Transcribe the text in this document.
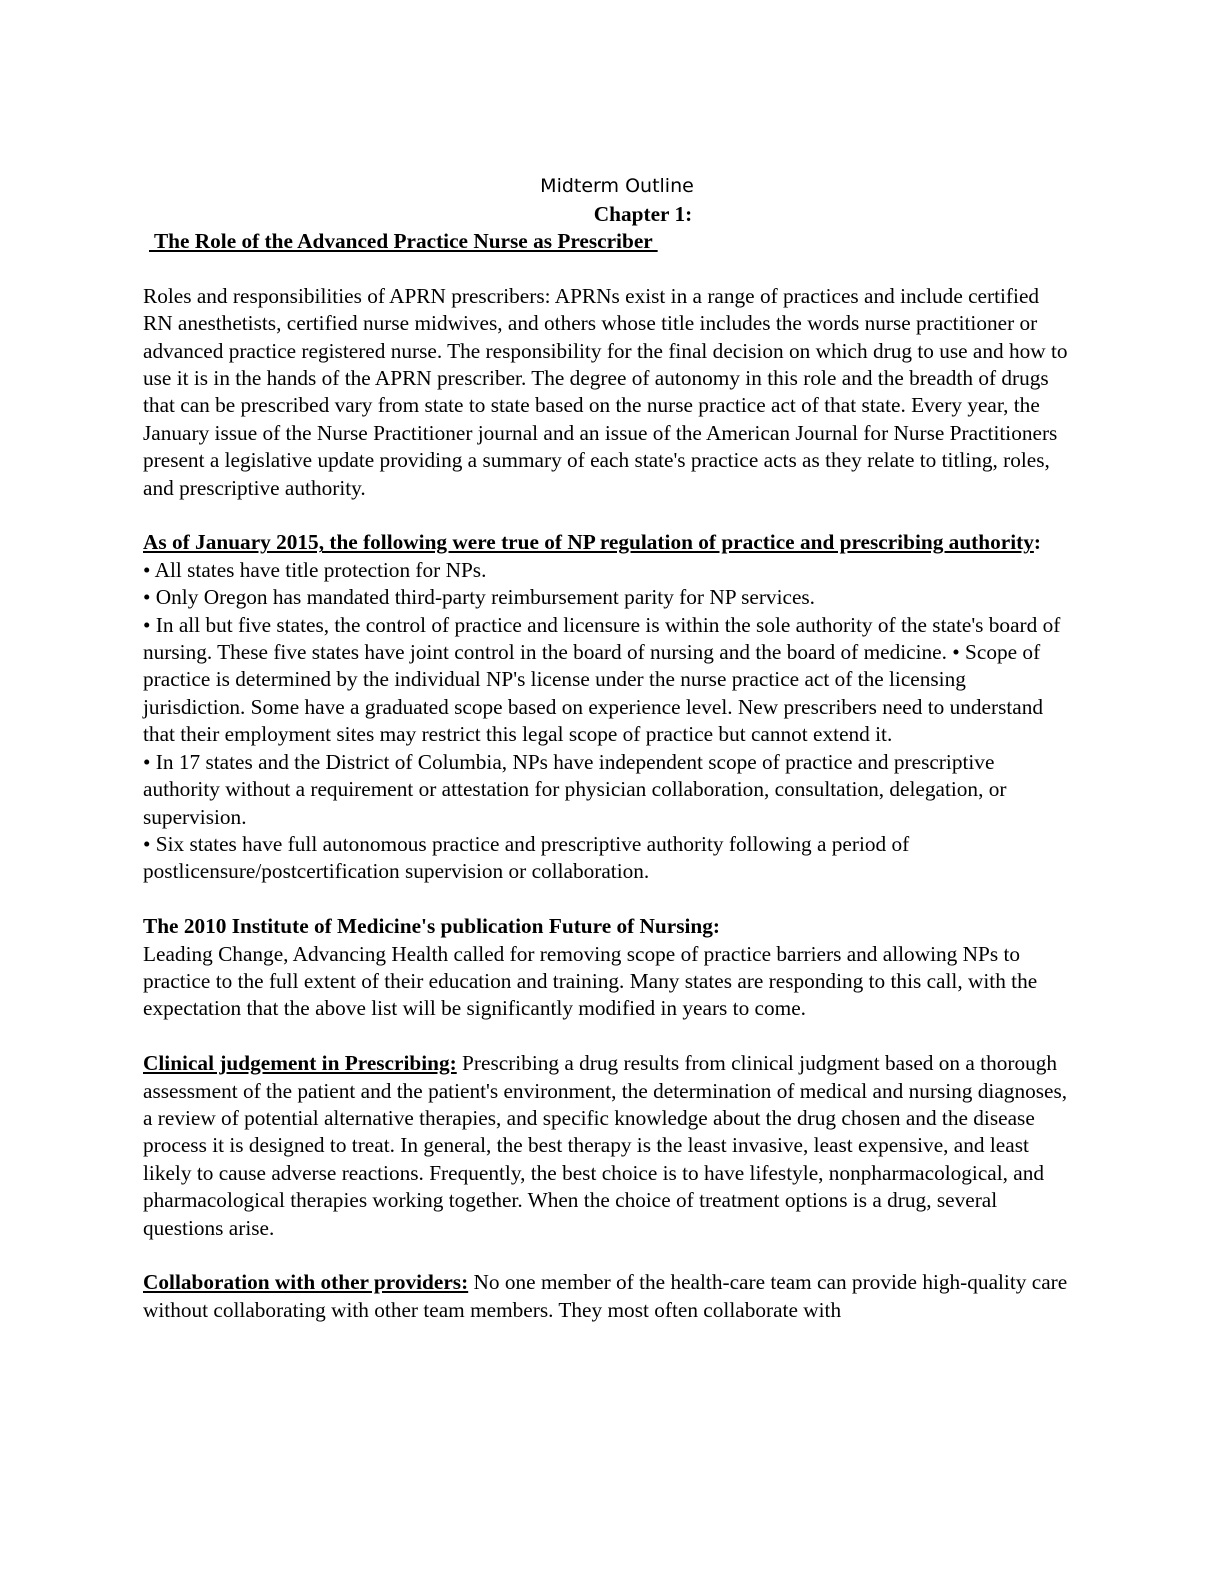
Midterm Outline

Chapter 1:

The Role of the Advanced Practice Nurse as Prescriber

Roles and responsibilities of APRN prescribers: APRNs exist in a range of practices and include certified RN anesthetists, certified nurse midwives, and others whose title includes the words nurse practitioner or advanced practice registered nurse. The responsibility for the final decision on which drug to use and how to use it is in the hands of the APRN prescriber. The degree of autonomy in this role and the breadth of drugs that can be prescribed vary from state to state based on the nurse practice act of that state. Every year, the January issue of the Nurse Practitioner journal and an issue of the American Journal for Nurse Practitioners present a legislative update providing a summary of each state's practice acts as they relate to titling, roles, and prescriptive authority.

As of January 2015, the following were true of NP regulation of practice and prescribing authority:

• All states have title protection for NPs.

• Only Oregon has mandated third-party reimbursement parity for NP services.

• In all but five states, the control of practice and licensure is within the sole authority of the state's board of nursing. These five states have joint control in the board of nursing and the board of medicine. • Scope of practice is determined by the individual NP's license under the nurse practice act of the licensing jurisdiction. Some have a graduated scope based on experience level. New prescribers need to understand that their employment sites may restrict this legal scope of practice but cannot extend it.

• In 17 states and the District of Columbia, NPs have independent scope of practice and prescriptive authority without a requirement or attestation for physician collaboration, consultation, delegation, or supervision.

• Six states have full autonomous practice and prescriptive authority following a period of postlicensure/postcertification supervision or collaboration.

The 2010 Institute of Medicine's publication Future of Nursing:

Leading Change, Advancing Health called for removing scope of practice barriers and allowing NPs to practice to the full extent of their education and training. Many states are responding to this call, with the expectation that the above list will be significantly modified in years to come.

Clinical judgement in Prescribing: Prescribing a drug results from clinical judgment based on a thorough assessment of the patient and the patient's environment, the determination of medical and nursing diagnoses, a review of potential alternative therapies, and specific knowledge about the drug chosen and the disease process it is designed to treat. In general, the best therapy is the least invasive, least expensive, and least likely to cause adverse reactions. Frequently, the best choice is to have lifestyle, nonpharmacological, and pharmacological therapies working together. When the choice of treatment options is a drug, several questions arise.

Collaboration with other providers: No one member of the health-care team can provide high-quality care without collaborating with other team members. They most often collaborate with
